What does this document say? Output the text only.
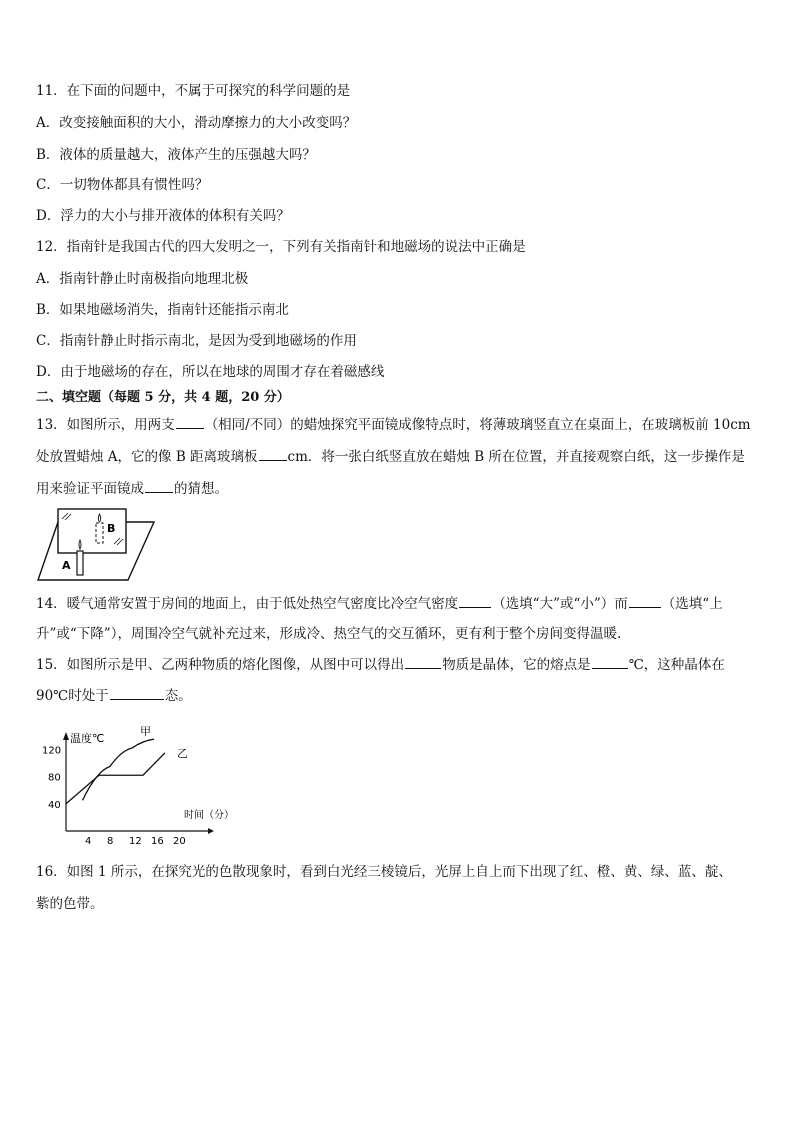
11．在下面的问题中，不属于可探究的科学问题的是
A．改变接触面积的大小，滑动摩擦力的大小改变吗？
B．液体的质量越大，液体产生的压强越大吗？
C．一切物体都具有惯性吗？
D．浮力的大小与排开液体的体积有关吗？
12．指南针是我国古代的四大发明之一，下列有关指南针和地磁场的说法中正确是
A．指南针静止时南极指向地理北极
B．如果地磁场消失，指南针还能指示南北
C．指南针静止时指示南北，是因为受到地磁场的作用
D．由于地磁场的存在，所以在地球的周围才存在着磁感线
二、填空题（每题 5 分，共 4 题，20 分）
13．如图所示，用两支 （相同/不同）的蜡烛探究平面镜成像特点时，将薄玻璃竖直立在桌面上，在玻璃板前 10cm
处放置蜡烛 A，它的像 B 距离玻璃板 cm．将一张白纸竖直放在蜡烛 B 所在位置，并直接观察白纸，这一步操作是
用来验证平面镜成 的猜想。
B
A
14．暖气通常安置于房间的地面上，由于低处热空气密度比冷空气密度	（选填“大”或“小”）而	（选填“上
升”或“下降”），周围冷空气就补充过来，形成冷、热空气的交互循环，更有利于整个房间变得温暖.
15．如图所示是甲、乙两种物质的熔化图像，从图中可以得出	物质是晶体，它的熔点是	℃，这种晶体在
90℃时处于	态。
温度℃
时间（分）
4 8 12 16 20
40
80
120
甲
乙
16．如图 1 所示，在探究光的色散现象时，看到白光经三棱镜后，光屏上自上而下出现了红、橙、黄、绿、蓝、靛、
紫的色带。
